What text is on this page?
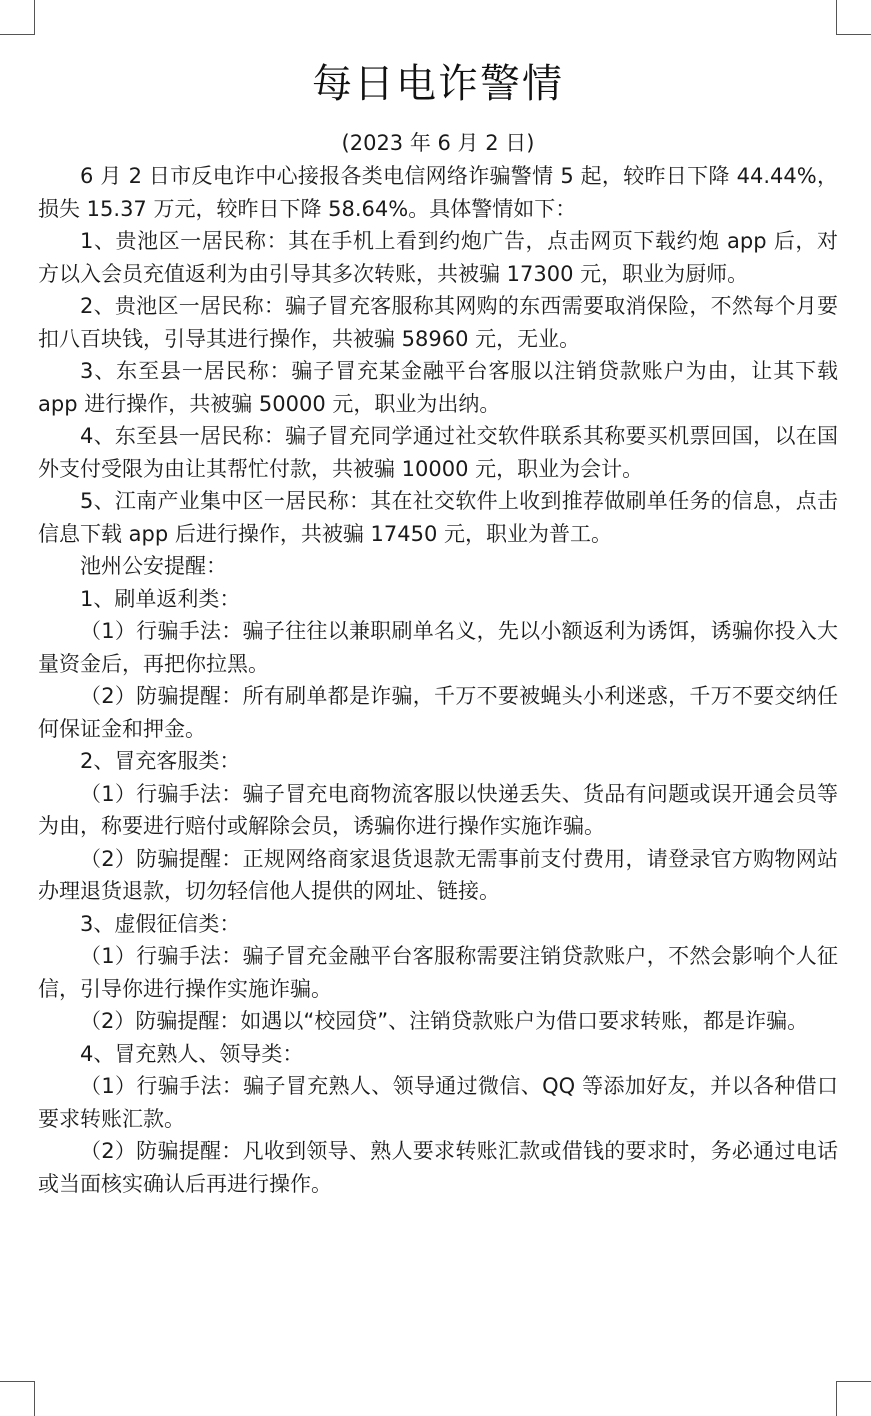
每日电诈警情
(2023 年 6 月 2 日)

6 月 2 日市反电诈中心接报各类电信网络诈骗警情 5 起，较昨日下降 44.44%，损失 15.37 万元，较昨日下降 58.64%。具体警情如下：

1、贵池区一居民称：其在手机上看到约炮广告，点击网页下载约炮 app 后，对方以入会员充值返利为由引导其多次转账，共被骗 17300 元，职业为厨师。

2、贵池区一居民称：骗子冒充客服称其网购的东西需要取消保险，不然每个月要扣八百块钱，引导其进行操作，共被骗 58960 元，无业。

3、东至县一居民称：骗子冒充某金融平台客服以注销贷款账户为由，让其下载 app 进行操作，共被骗 50000 元，职业为出纳。

4、东至县一居民称：骗子冒充同学通过社交软件联系其称要买机票回国，以在国外支付受限为由让其帮忙付款，共被骗 10000 元，职业为会计。

5、江南产业集中区一居民称：其在社交软件上收到推荐做刷单任务的信息，点击信息下载 app 后进行操作，共被骗 17450 元，职业为普工。

池州公安提醒：

1、刷单返利类：

（1）行骗手法：骗子往往以兼职刷单名义，先以小额返利为诱饵，诱骗你投入大量资金后，再把你拉黑。

（2）防骗提醒：所有刷单都是诈骗，千万不要被蝇头小利迷惑，千万不要交纳任何保证金和押金。

2、冒充客服类：

（1）行骗手法：骗子冒充电商物流客服以快递丢失、货品有问题或误开通会员等为由，称要进行赔付或解除会员，诱骗你进行操作实施诈骗。

（2）防骗提醒：正规网络商家退货退款无需事前支付费用，请登录官方购物网站办理退货退款，切勿轻信他人提供的网址、链接。

3、虚假征信类：

（1）行骗手法：骗子冒充金融平台客服称需要注销贷款账户，不然会影响个人征信，引导你进行操作实施诈骗。

（2）防骗提醒：如遇以“校园贷”、注销贷款账户为借口要求转账，都是诈骗。

4、冒充熟人、领导类：

（1）行骗手法：骗子冒充熟人、领导通过微信、QQ 等添加好友，并以各种借口要求转账汇款。

（2）防骗提醒：凡收到领导、熟人要求转账汇款或借钱的要求时，务必通过电话或当面核实确认后再进行操作。
